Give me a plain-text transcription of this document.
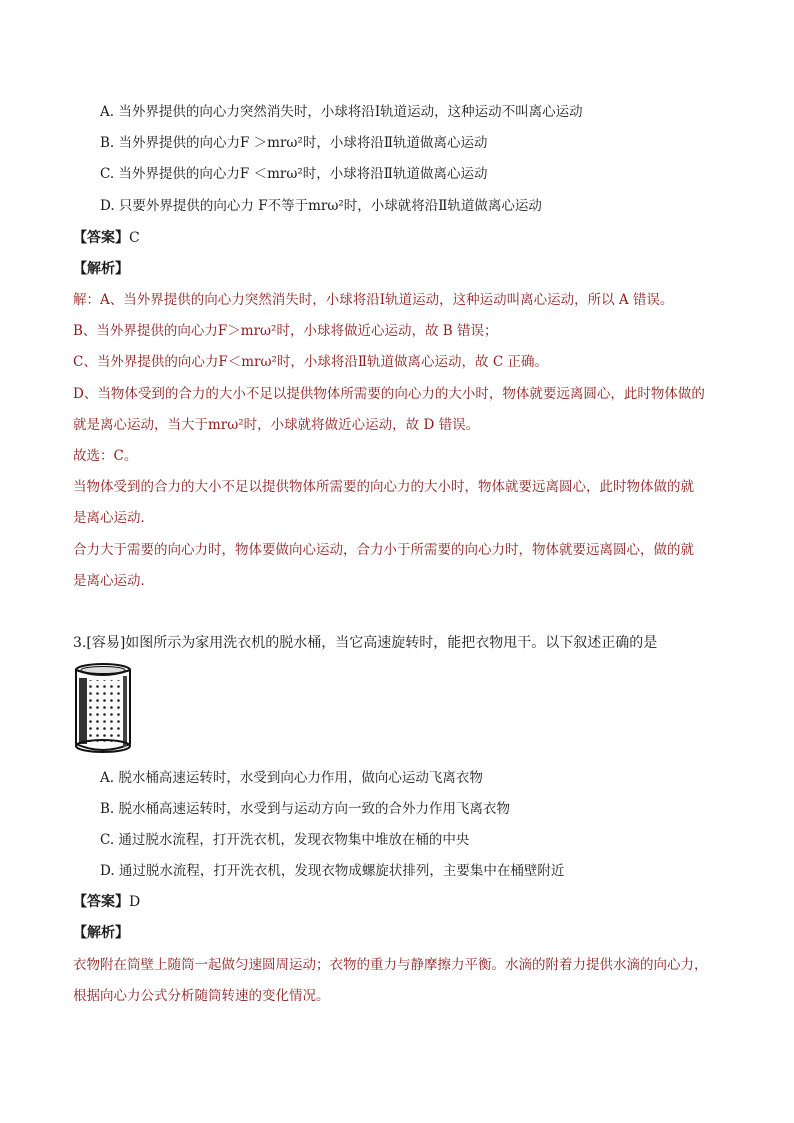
A. 当外界提供的向心力突然消失时，小球将沿Ⅰ轨道运动，这种运动不叫离心运动
B. 当外界提供的向心力F ＞mrω²时，小球将沿Ⅱ轨道做离心运动
C. 当外界提供的向心力F ＜mrω²时，小球将沿Ⅱ轨道做离心运动
D. 只要外界提供的向心力 F不等于mrω²时，小球就将沿Ⅱ轨道做离心运动
【答案】C
【解析】
解：A、当外界提供的向心力突然消失时，小球将沿Ⅰ轨道运动，这种运动叫离心运动，所以 A 错误。
B、当外界提供的向心力F＞mrω²时，小球将做近心运动，故 B 错误；
C、当外界提供的向心力F＜mrω²时，小球将沿Ⅱ轨道做离心运动，故 C 正确。
D、当物体受到的合力的大小不足以提供物体所需要的向心力的大小时，物体就要远离圆心，此时物体做的
就是离心运动，当大于mrω²时，小球就将做近心运动，故 D 错误。
故选：C。
当物体受到的合力的大小不足以提供物体所需要的向心力的大小时，物体就要远离圆心，此时物体做的就
是离心运动．
合力大于需要的向心力时，物体要做向心运动，合力小于所需要的向心力时，物体就要远离圆心，做的就
是离心运动．
3.[容易]如图所示为家用洗衣机的脱水桶，当它高速旋转时，能把衣物甩干。以下叙述正确的是
A. 脱水桶高速运转时，水受到向心力作用，做向心运动飞离衣物
B. 脱水桶高速运转时，水受到与运动方向一致的合外力作用飞离衣物
C. 通过脱水流程，打开洗衣机，发现衣物集中堆放在桶的中央
D. 通过脱水流程，打开洗衣机，发现衣物成螺旋状排列，主要集中在桶壁附近
【答案】D
【解析】
衣物附在筒壁上随筒一起做匀速圆周运动；衣物的重力与静摩擦力平衡。水滴的附着力提供水滴的向心力，
根据向心力公式分析随筒转速的变化情况。
